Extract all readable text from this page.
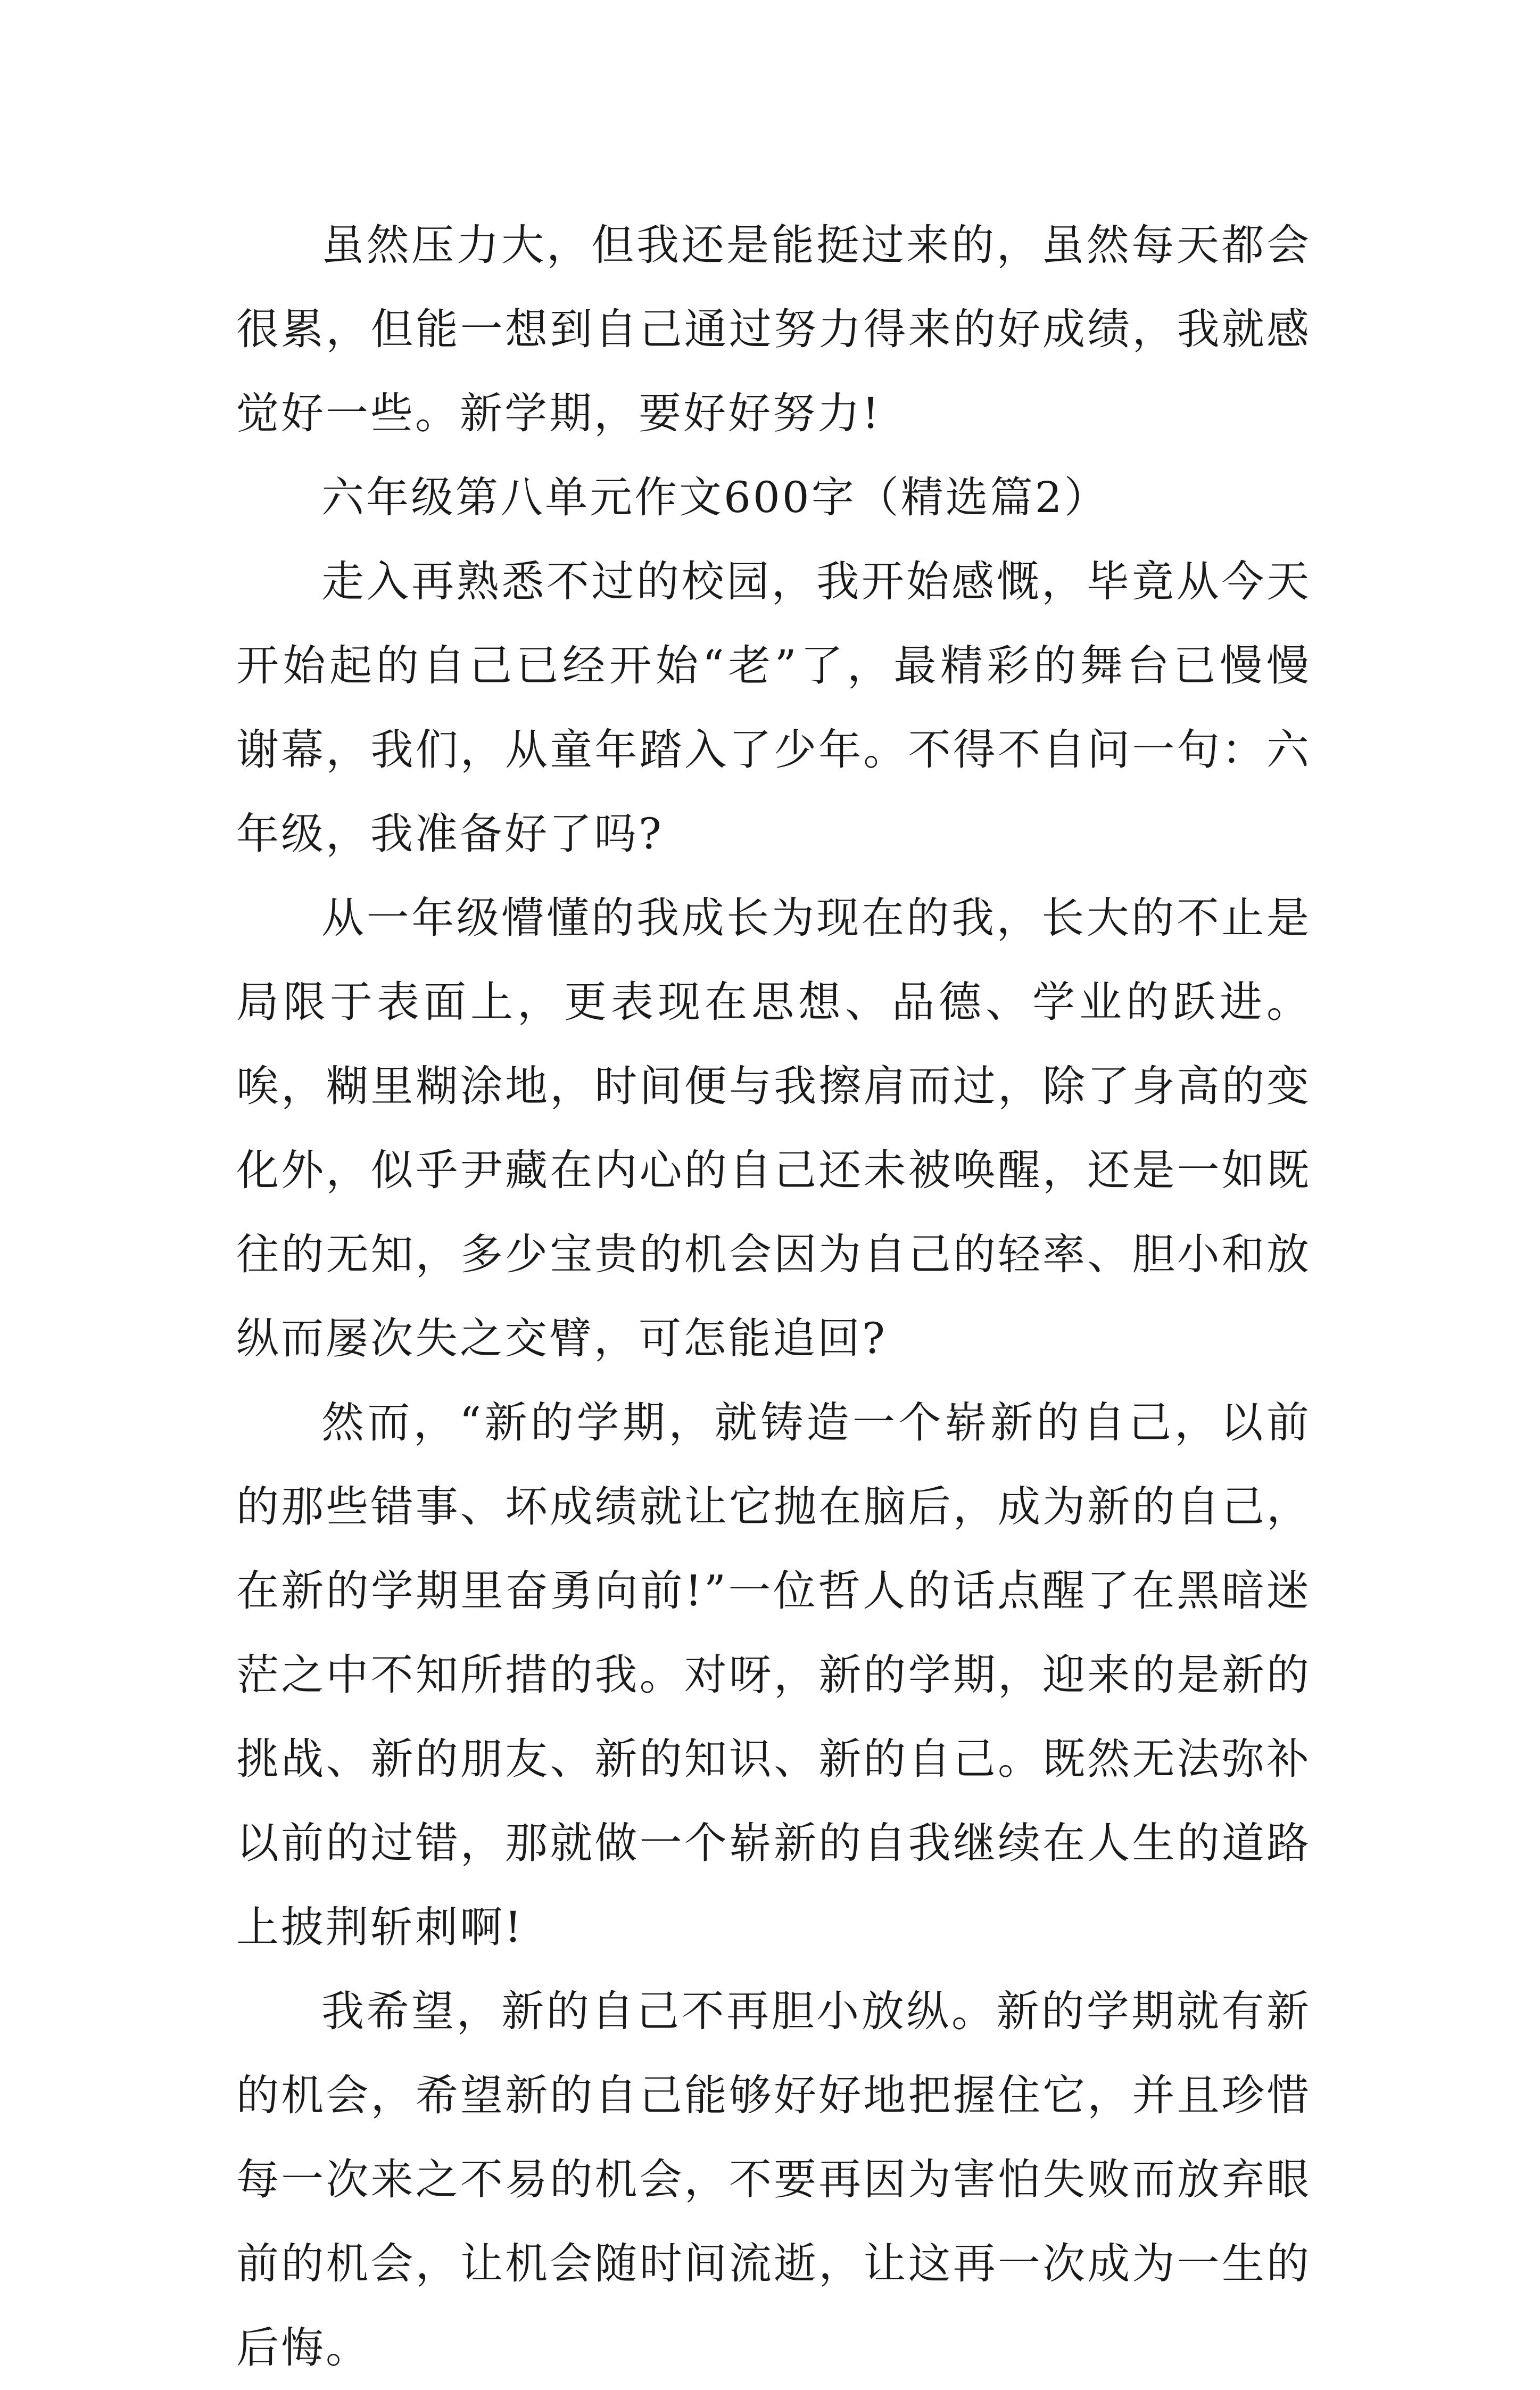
虽然压力大，但我还是能挺过来的，虽然每天都会很累，但能一想到自己通过努力得来的好成绩，我就感觉好一些。新学期，要好好努力!

六年级第八单元作文600字（精选篇2）

走入再熟悉不过的校园，我开始感慨，毕竟从今天开始起的自己已经开始“老”了，最精彩的舞台已慢慢谢幕，我们，从童年踏入了少年。不得不自问一句：六年级，我准备好了吗?

从一年级懵懂的我成长为现在的我，长大的不止是局限于表面上，更表现在思想、品德、学业的跃进。唉，糊里糊涂地，时间便与我擦肩而过，除了身高的变化外，似乎尹藏在内心的自己还未被唤醒，还是一如既往的无知，多少宝贵的机会因为自己的轻率、胆小和放纵而屡次失之交臂，可怎能追回?

然而，“新的学期，就铸造一个崭新的自己，以前的那些错事、坏成绩就让它抛在脑后，成为新的自己，在新的学期里奋勇向前!”一位哲人的话点醒了在黑暗迷茫之中不知所措的我。对呀，新的学期，迎来的是新的挑战、新的朋友、新的知识、新的自己。既然无法弥补以前的过错，那就做一个崭新的自我继续在人生的道路上披荆斩刺啊!

我希望，新的自己不再胆小放纵。新的学期就有新的机会，希望新的自己能够好好地把握住它，并且珍惜每一次来之不易的机会，不要再因为害怕失败而放弃眼前的机会，让机会随时间流逝，让这再一次成为一生的后悔。
